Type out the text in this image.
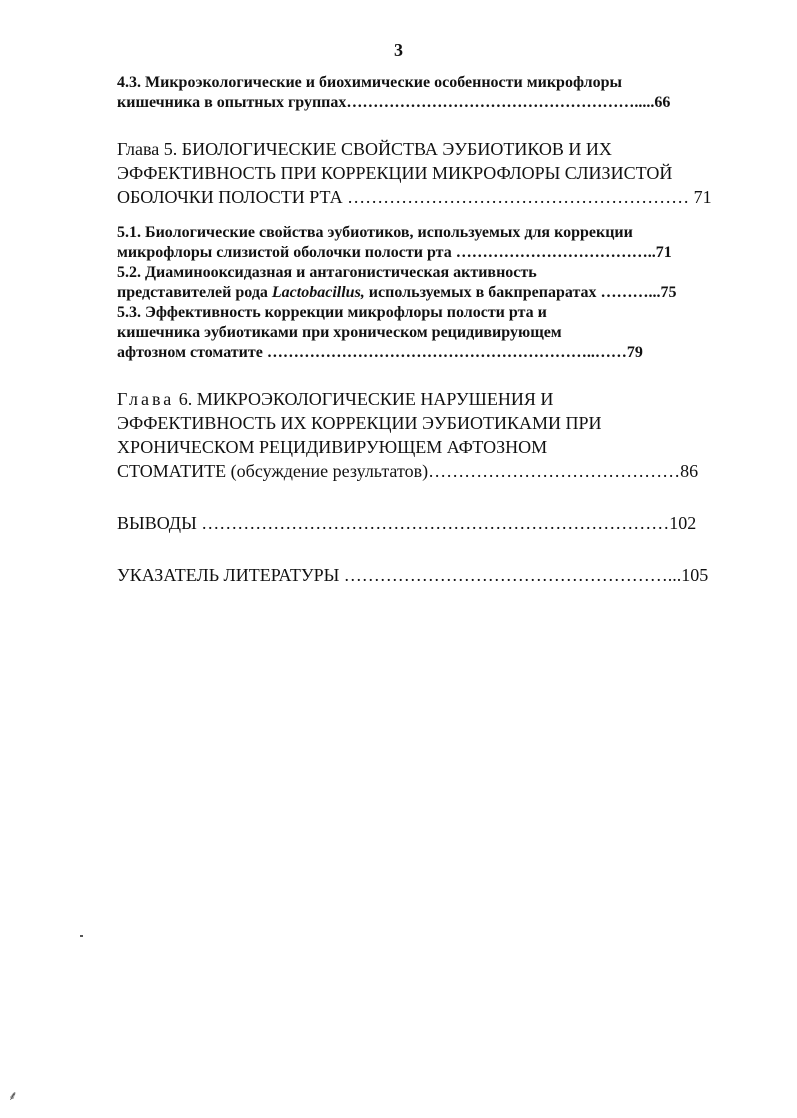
3
4.3. Микроэкологические и биохимические особенности микрофлоры
кишечника в опытных группах……………………………………………….....66
Глава 5. БИОЛОГИЧЕСКИЕ СВОЙСТВА ЭУБИОТИКОВ И ИХ
ЭФФЕКТИВНОСТЬ ПРИ КОРРЕКЦИИ МИКРОФЛОРЫ СЛИЗИСТОЙ
ОБОЛОЧКИ ПОЛОСТИ РТА ………………………………………………… 71
5.1. Биологические свойства эубиотиков, используемых для коррекции
микрофлоры слизистой оболочки полости рта ………………………………..71
5.2. Диаминооксидазная и антагонистическая активность
представителей рода Lactobacillus, используемых в бакпрепаратах ………...75
5.3. Эффективность коррекции микрофлоры полости рта и
кишечника эубиотиками при хроническом рецидивирующем
афтозном стоматите ……………………………………………………..……79
Глава 6. МИКРОЭКОЛОГИЧЕСКИЕ НАРУШЕНИЯ И
ЭФФЕКТИВНОСТЬ ИХ КОРРЕКЦИИ ЭУБИОТИКАМИ ПРИ
ХРОНИЧЕСКОМ РЕЦИДИВИРУЮЩЕМ АФТОЗНОМ
СТОМАТИТЕ (обсуждение результатов)……………………………………86
ВЫВОДЫ ……………………………………………………………………102
УКАЗАТЕЛЬ ЛИТЕРАТУРЫ ………………………………………………...105
⸙
